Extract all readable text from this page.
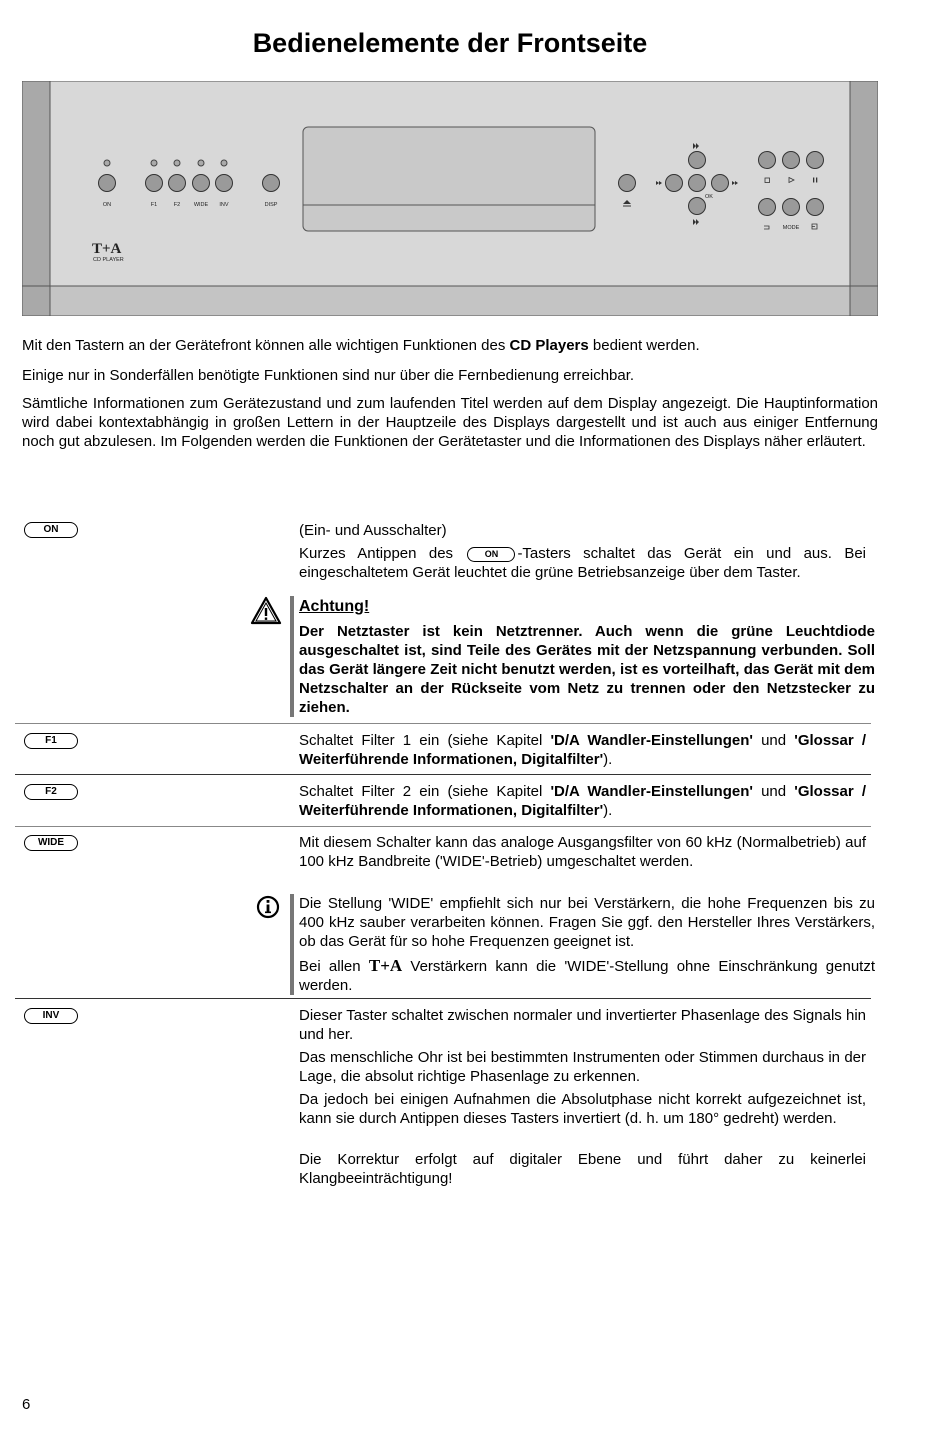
Bedienelemente der Frontseite
ON	F1	F2 WIDE INV	DISP
OK
MODE
T+A
CD PLAYER
Mit den Tastern an der Gerätefront können alle wichtigen Funktionen des CD Players bedient werden.
Einige nur in Sonderfällen benötigte Funktionen sind nur über die Fernbedienung erreichbar.
Sämtliche Informationen zum Gerätezustand und zum laufenden Titel werden auf dem Display angezeigt. Die Hauptinformation wird dabei kontextabhängig in großen Lettern in der Hauptzeile des Displays dargestellt und ist auch aus einiger Entfernung noch gut abzulesen. Im Folgenden werden die Funktionen der Gerätetaster und die Informationen des Displays näher erläutert.
ON	(Ein- und Ausschalter)
Kurzes Antippen des ON -Tasters schaltet das Gerät ein und aus. Bei eingeschaltetem Gerät leuchtet die grüne Betriebsanzeige über dem Taster.
Achtung!
Der Netztaster ist kein Netztrenner. Auch wenn die grüne Leuchtdiode ausgeschaltet ist, sind Teile des Gerätes mit der Netzspannung verbunden. Soll das Gerät längere Zeit nicht benutzt werden, ist es vorteilhaft, das Gerät mit dem Netzschalter an der Rückseite vom Netz zu trennen oder den Netzstecker zu ziehen.
F1	Schaltet Filter 1 ein (siehe Kapitel 'D/A Wandler-Einstellungen' und 'Glossar / Weiterführende Informationen, Digitalfilter').
F2	Schaltet Filter 2 ein (siehe Kapitel 'D/A Wandler-Einstellungen' und 'Glossar / Weiterführende Informationen, Digitalfilter').
WIDE	Mit diesem Schalter kann das analoge Ausgangsfilter von 60 kHz (Normalbetrieb) auf 100 kHz Bandbreite ('WIDE'-Betrieb) umgeschaltet werden.
Die Stellung 'WIDE' empfiehlt sich nur bei Verstärkern, die hohe Frequenzen bis zu 400 kHz sauber verarbeiten können. Fragen Sie ggf. den Hersteller Ihres Verstärkers, ob das Gerät für so hohe Frequenzen geeignet ist.
Bei allen T+A Verstärkern kann die 'WIDE'-Stellung ohne Einschränkung genutzt werden.
INV	Dieser Taster schaltet zwischen normaler und invertierter Phasenlage des Signals hin und her.
Das menschliche Ohr ist bei bestimmten Instrumenten oder Stimmen durchaus in der Lage, die absolut richtige Phasenlage zu erkennen.
Da jedoch bei einigen Aufnahmen die Absolutphase nicht korrekt aufgezeichnet ist, kann sie durch Antippen dieses Tasters invertiert (d. h. um 180° gedreht) werden.
Die Korrektur erfolgt auf digitaler Ebene und führt daher zu keinerlei Klangbeeinträchtigung!
6
